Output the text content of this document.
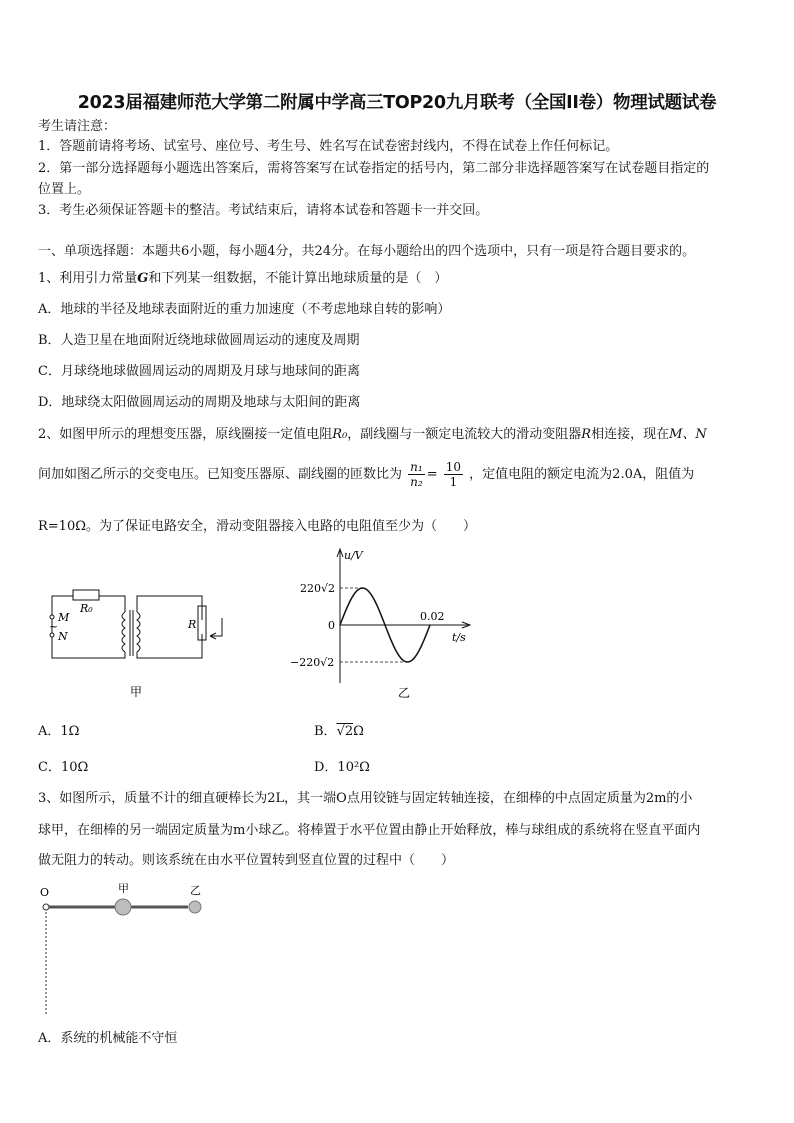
2023届福建师范大学第二附属中学高三TOP20九月联考（全国II卷）物理试题试卷
考生请注意：
1．答题前请将考场、试室号、座位号、考生号、姓名写在试卷密封线内，不得在试卷上作任何标记。
2．第一部分选择题每小题选出答案后，需将答案写在试卷指定的括号内，第二部分非选择题答案写在试卷题目指定的
位置上。
3．考生必须保证答题卡的整洁。考试结束后，请将本试卷和答题卡一并交回。
一、单项选择题：本题共6小题，每小题4分，共24分。在每小题给出的四个选项中，只有一项是符合题目要求的。
1、利用引力常量G和下列某一组数据，不能计算出地球质量的是（　）
A．地球的半径及地球表面附近的重力加速度（不考虑地球自转的影响）
B．人造卫星在地面附近绕地球做圆周运动的速度及周期
C．月球绕地球做圆周运动的周期及月球与地球间的距离
D．地球绕太阳做圆周运动的周期及地球与太阳间的距离
2、如图甲所示的理想变压器，原线圈接一定值电阻R₀，副线圈与一额定电流较大的滑动变阻器R相连接，现在M、N
间加如图乙所示的交变电压。已知变压器原、副线圈的匝数比为 $\frac{\text{n₁}}{\text{n₂}} = \frac{10}{1}$ ，定值电阻的额定电流为2.0A，阻值为
R=10Ω。为了保证电路安全，滑动变阻器接入电路的电阻值至少为（　　）
M
~
N
R₀
R
甲
u/V
t/s
220√2
−220√2
0
0.02
乙
A．1Ω	B．√2Ω
C．10Ω	D．10²Ω
3、如图所示，质量不计的细直硬棒长为2L，其一端O点用铰链与固定转轴连接，在细棒的中点固定质量为2m的小
球甲，在细棒的另一端固定质量为m小球乙。将棒置于水平位置由静止开始释放，棒与球组成的系统将在竖直平面内
做无阻力的转动。则该系统在由水平位置转到竖直位置的过程中（　　）
O	甲	乙
A．系统的机械能不守恒
